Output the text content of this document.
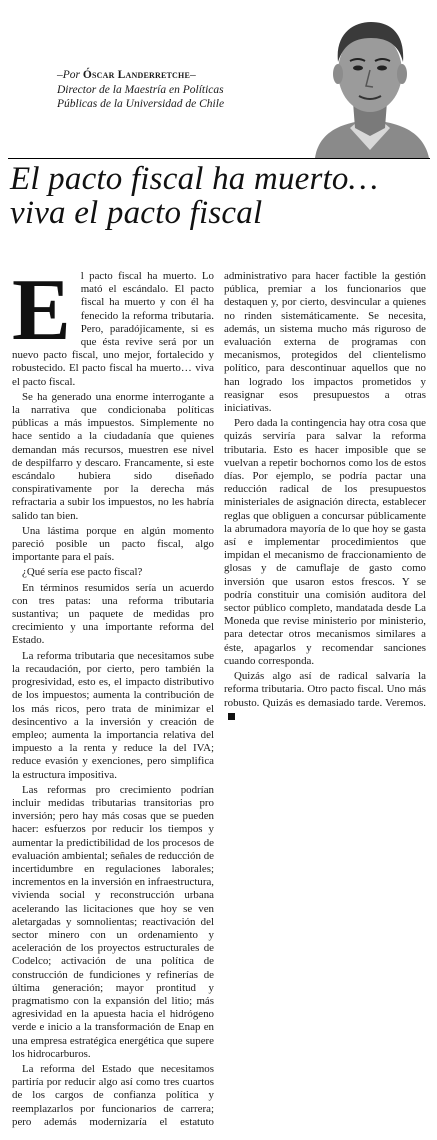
–Por Óscar Landerretche–
Director de la Maestría en Políticas
Públicas de la Universidad de Chile
El pacto fiscal ha muerto…
viva el pacto fiscal

El pacto fiscal ha muerto. Lo mató el escándalo. El pacto fiscal ha muerto y con él ha fenecido la reforma tributaria. Pero, paradójicamente, si es que ésta revive será por un nuevo pacto fiscal, uno mejor, fortalecido y robustecido. El pacto fiscal ha muerto… viva el pacto fiscal.

Se ha generado una enorme interrogante a la narrativa que condicionaba políticas públicas a más impuestos. Simplemente no hace sentido a la ciudadanía que quienes demandan más recursos, muestren ese nivel de despilfarro y descaro. Francamente, si este escándalo hubiera sido diseñado conspirativamente por la derecha más refractaria a subir los impuestos, no les habría salido tan bien.

Una lástima porque en algún momento pareció posible un pacto fiscal, algo importante para el país.

¿Qué sería ese pacto fiscal?

En términos resumidos sería un acuerdo con tres patas: una reforma tributaria sustantiva; un paquete de medidas pro crecimiento y una importante reforma del Estado.

La reforma tributaria que necesitamos sube la recaudación, por cierto, pero también la progresividad, esto es, el impacto distributivo de los impuestos; aumenta la contribución de los más ricos, pero trata de minimizar el desincentivo a la inversión y creación de empleo; aumenta la importancia relativa del impuesto a la renta y reduce la del IVA; reduce evasión y exenciones, pero simplifica la estructura impositiva.

Las reformas pro crecimiento podrían incluir medidas tributarias transitorias pro inversión; pero hay más cosas que se pueden hacer: esfuerzos por reducir los tiempos y aumentar la predictibilidad de los procesos de evaluación ambiental; señales de reducción de incertidumbre en regulaciones laborales; incrementos en la inversión en infraestructura, vivienda social y reconstrucción urbana acelerando las licitaciones que hoy se ven aletargadas y somnolientas; reactivación del sector minero con un ordenamiento y aceleración de los proyectos estructurales de Codelco; activación de una política de construcción de fundiciones y refinerías de última generación; mayor prontitud y pragmatismo con la expansión del litio; más agresividad en la apuesta hacia el hidrógeno verde e inicio a la transformación de Enap en una empresa estratégica energética que supere los hidrocarburos.

La reforma del Estado que necesitamos partiría por reducir algo así como tres cuartos de los cargos de confianza política y reemplazarlos por funcionarios de carrera; pero además modernizaría el estatuto administrativo para hacer factible la gestión pública, premiar a los funcionarios que destaquen y, por cierto, desvincular a quienes no rinden sistemáticamente. Se necesita, además, un sistema mucho más riguroso de evaluación externa de programas con mecanismos, protegidos del clientelismo político, para descontinuar aquellos que no han logrado los impactos prometidos y reasignar esos presupuestos a otras iniciativas.

Pero dada la contingencia hay otra cosa que quizás serviría para salvar la reforma tributaria. Esto es hacer imposible que se vuelvan a repetir bochornos como los de estos días. Por ejemplo, se podría pactar una reducción radical de los presupuestos ministeriales de asignación directa, establecer reglas que obliguen a concursar públicamente la abrumadora mayoría de lo que hoy se gasta así e implementar procedimientos que impidan el mecanismo de fraccionamiento de glosas y de camuflaje de gasto como inversión que usaron estos frescos. Y se podría constituir una comisión auditora del sector público completo, mandatada desde La Moneda que revise ministerio por ministerio, para detectar otros mecanismos similares a éste, apagarlos y recomendar sanciones cuando corresponda.

Quizás algo así de radical salvaría la reforma tributaria. Otro pacto fiscal. Uno más robusto. Quizás es demasiado tarde. Veremos.
